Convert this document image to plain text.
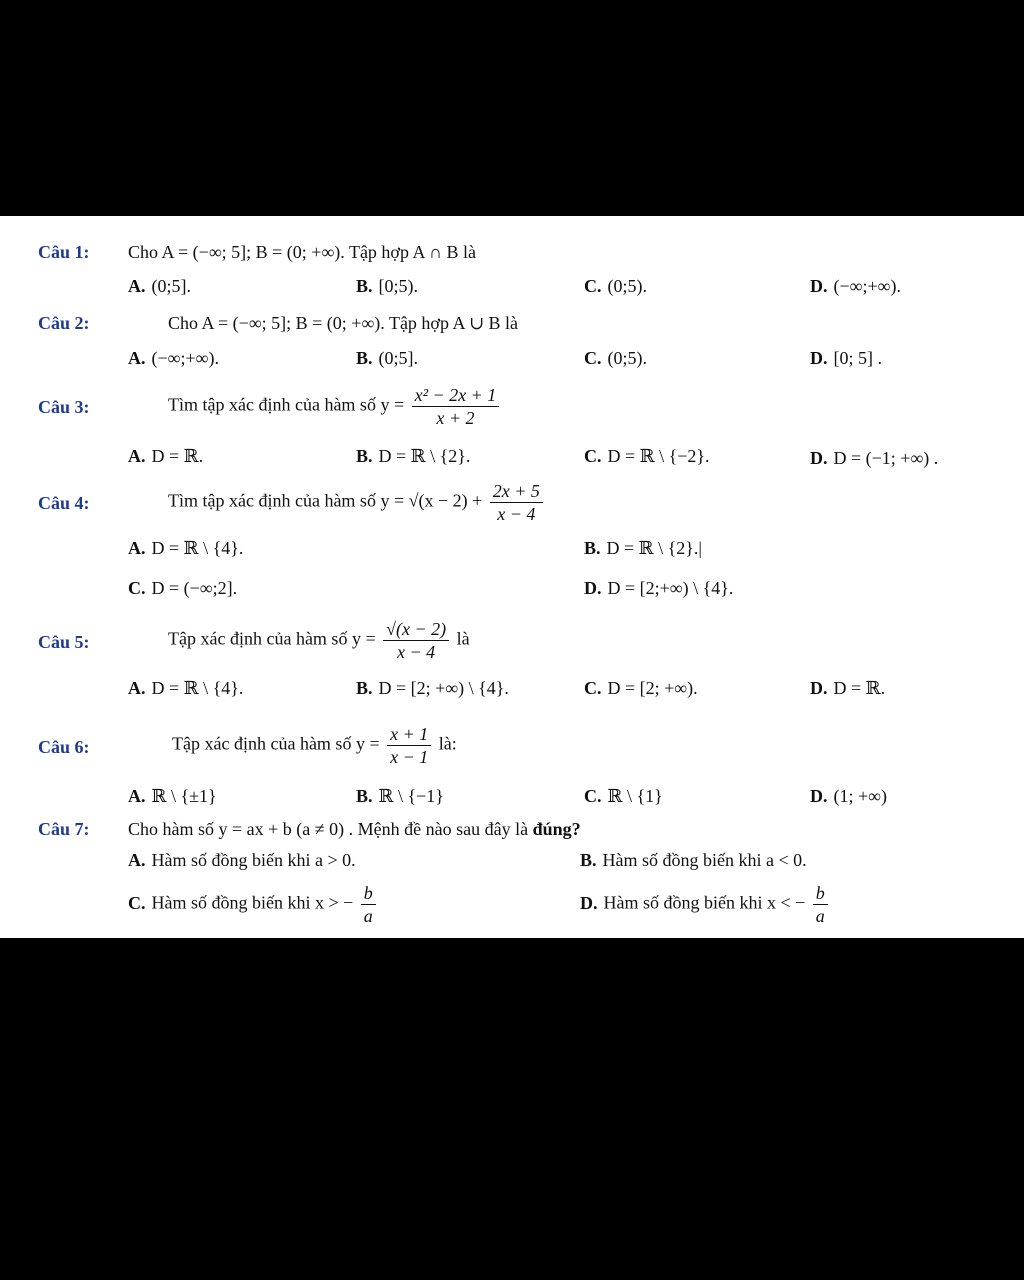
Câu 1: Cho A = (−∞; 5]; B = (0; +∞). Tập hợp A ∩ B là
A. (0;5].	B. [0;5).	C. (0;5).	D. (−∞;+∞).
Câu 2:	Cho A = (−∞; 5]; B = (0; +∞). Tập hợp A ∪ B là
A. (−∞;+∞).	B. (0;5].	C. (0;5).	D. [0; 5] .
Câu 3:	Tìm tập xác định của hàm số $y = \frac{\text{x² − 2x + 1}}{x + 2}$
A. D = ℝ.	B. D = ℝ \ {2}.	C. D = ℝ \ {−2}.	D. D = (−1; +∞) .
Câu 4:	Tìm tập xác định của hàm số $y = √(x - 2) + \frac{2x + 5}{x - 4}$
A. D = ℝ \ {4}.	B. D = ℝ \ {2}.|
C. D = (−∞;2].	D. D = [2;+∞) \ {4}.
Câu 5:	Tập xác định của hàm số $y = \frac{√(x - 2)}{x - 4}$ là
A. D = ℝ \ {4}.	B. D = [2; +∞) \ {4}.	C. D = [2; +∞).	D. D = ℝ.
Câu 6:	Tập xác định của hàm số $y = \frac{x + 1}{x - 1}$ là:
A. ℝ \ {±1}	B. ℝ \ {−1}	C. ℝ \ {1}	D. (1; +∞)
Câu 7: Cho hàm số y = ax + b (a ≠ 0) . Mệnh đề nào sau đây là đúng?
A. Hàm số đồng biến khi a > 0.	B. Hàm số đồng biến khi a < 0.
C. Hàm số đồng biến khi x > − $\frac{b}{a}$	D. Hàm số đồng biến khi x < − $\frac{b}{a}$
